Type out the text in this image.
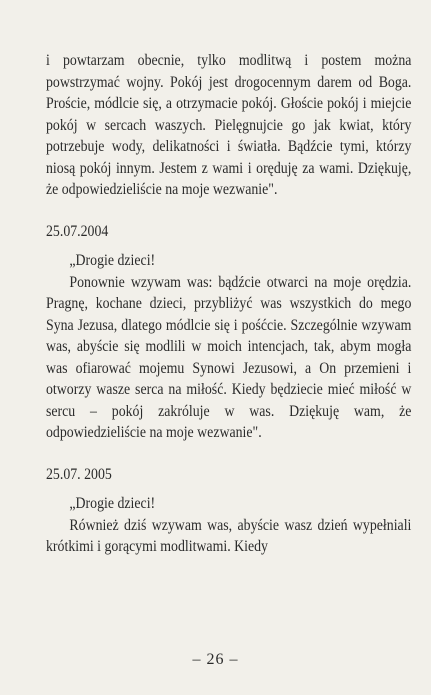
i powtarzam obecnie, tylko modlitwą i postem można powstrzymać wojny. Pokój jest drogocennym darem od Boga. Proście, módlcie się, a otrzymacie pokój. Głoście pokój i miejcie pokój w sercach waszych. Pielęgnujcie go jak kwiat, który potrzebuje wody, delikatności i światła. Bądźcie tymi, którzy niosą pokój innym. Jestem z wami i oręduję za wami. Dziękuję, że odpowiedzieliście na moje wezwanie".

25.07.2004

„Drogie dzieci!

Ponownie wzywam was: bądźcie otwarci na moje orędzia. Pragnę, kochane dzieci, przybliżyć was wszystkich do mego Syna Jezusa, dlatego módlcie się i pośćcie. Szczególnie wzywam was, abyście się modlili w moich intencjach, tak, abym mogła was ofiarować mojemu Synowi Jezusowi, a On przemieni i otworzy wasze serca na miłość. Kiedy będziecie mieć miłość w sercu – pokój zakróluje w was. Dziękuję wam, że odpowiedzieliście na moje wezwanie".

25.07. 2005

„Drogie dzieci!

Również dziś wzywam was, abyście wasz dzień wypełniali krótkimi i gorącymi modlitwami. Kiedy

– 26 –
